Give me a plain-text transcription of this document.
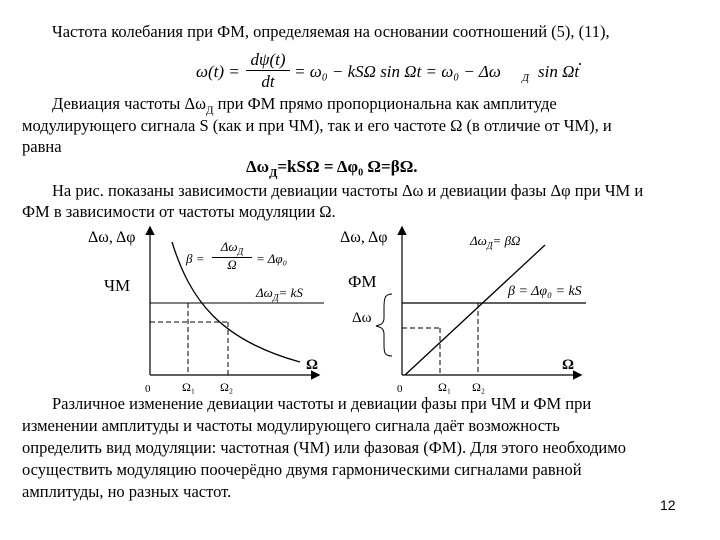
Частота колебания при ФМ, определяемая на основании соотношений (5), (11),
ω(t) =
dψ(t)
dt
= ω₀ − kSΩ sin Ωt = ω₀ − Δω Д sin Ωt
.
Девиация частоты $\Delta\omega_Д$ при ФМ прямо пропорциональна как амплитуде
модулирующего сигнала S (как и при ЧМ), так и его частоте Ω (в отличие от ЧМ), и
равна
$\Delta\omega_Д=kS\Omega = \Delta\varphi_0$ Ω=βΩ.
На рис. показаны зависимости девиации частоты Δω и девиации фазы Δφ при ЧМ и
ФМ в зависимости от частоты модуляции Ω.
Δω, Δφ
ЧМ
β =
$\Delta\omega_Д$
Ω	= Δφ₀
$\Delta\omega_Д=$ kS
0
Ω
Ω₁ Ω₂
Δω, Δφ
ФМ
$\Delta\omega_Д= \beta\Omega$
β = Δφ₀ = kS
Δω
0
Ω
Ω₁ Ω₂
Различное изменение девиации частоты и девиации фазы при ЧМ и ФМ при
изменении амплитуды и частоты модулирующего сигнала даёт возможность
определить вид модуляции: частотная (ЧМ) или фазовая (ФМ). Для этого необходимо
осуществить модуляцию поочерёдно двумя гармоническими сигналами равной
амплитуды, но разных частот.
12
